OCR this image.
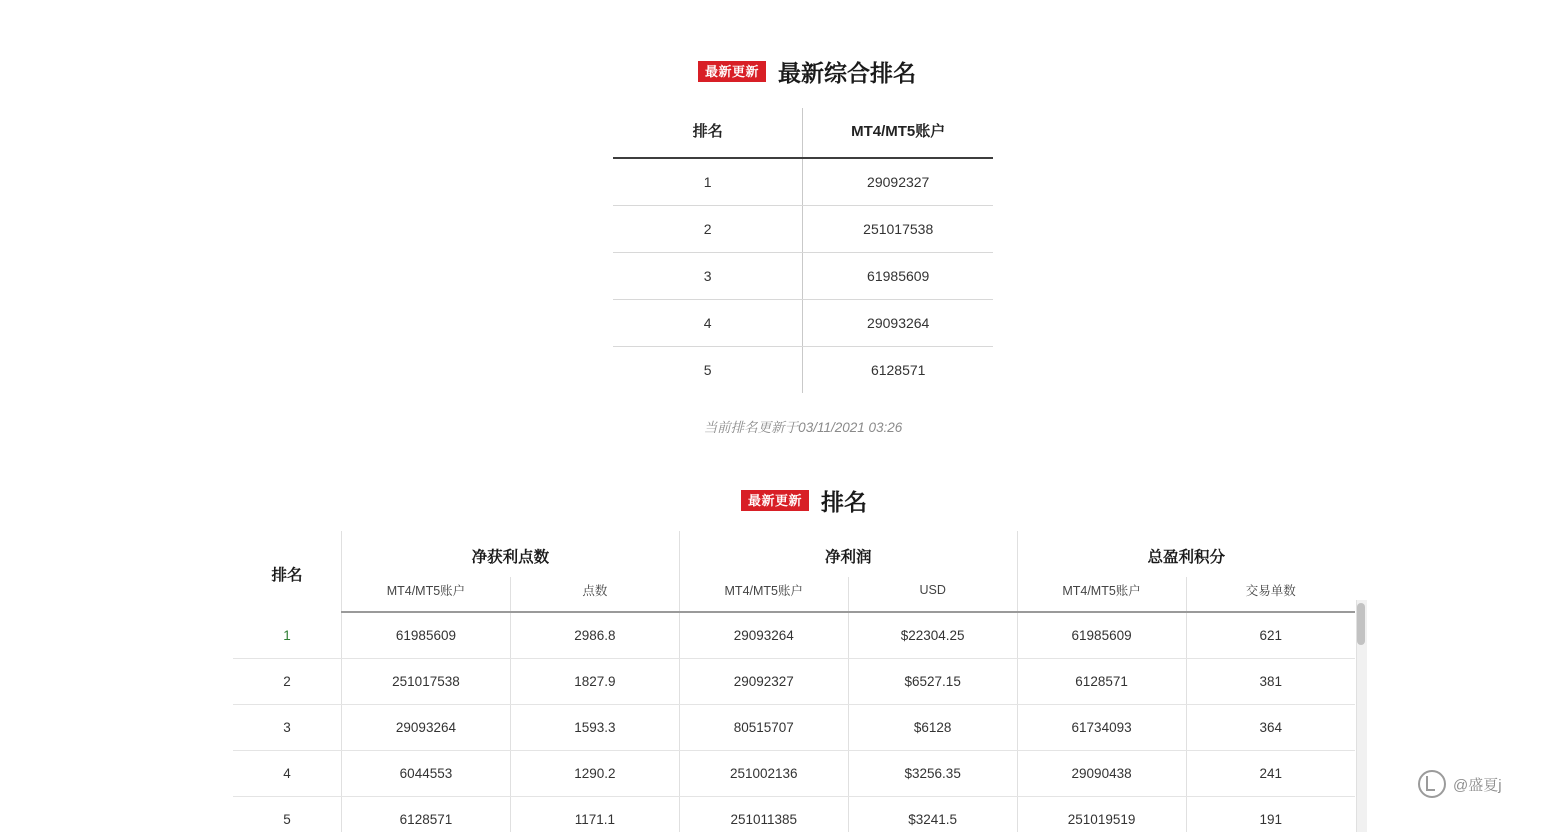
最新更新 最新综合排名
排名	MT4/MT5账户
1	29092327
2	251017538
3	61985609
4	29093264
5	6128571
当前排名更新于03/11/2021 03:26
最新更新 排名
排名	净获利点数		净利润		总盈利积分	
	MT4/MT5账户	点数	MT4/MT5账户	USD	MT4/MT5账户	交易单数
1	61985609	2986.8	29093264	$22304.25	61985609	621
2	251017538	1827.9	29092327	$6527.15	6128571	381
3	29093264	1593.3	80515707	$6128	61734093	364
4	6044553	1290.2	251002136	$3256.35	29090438	241
5	6128571	1171.1	251011385	$3241.5	251019519	191
@盛夏j
